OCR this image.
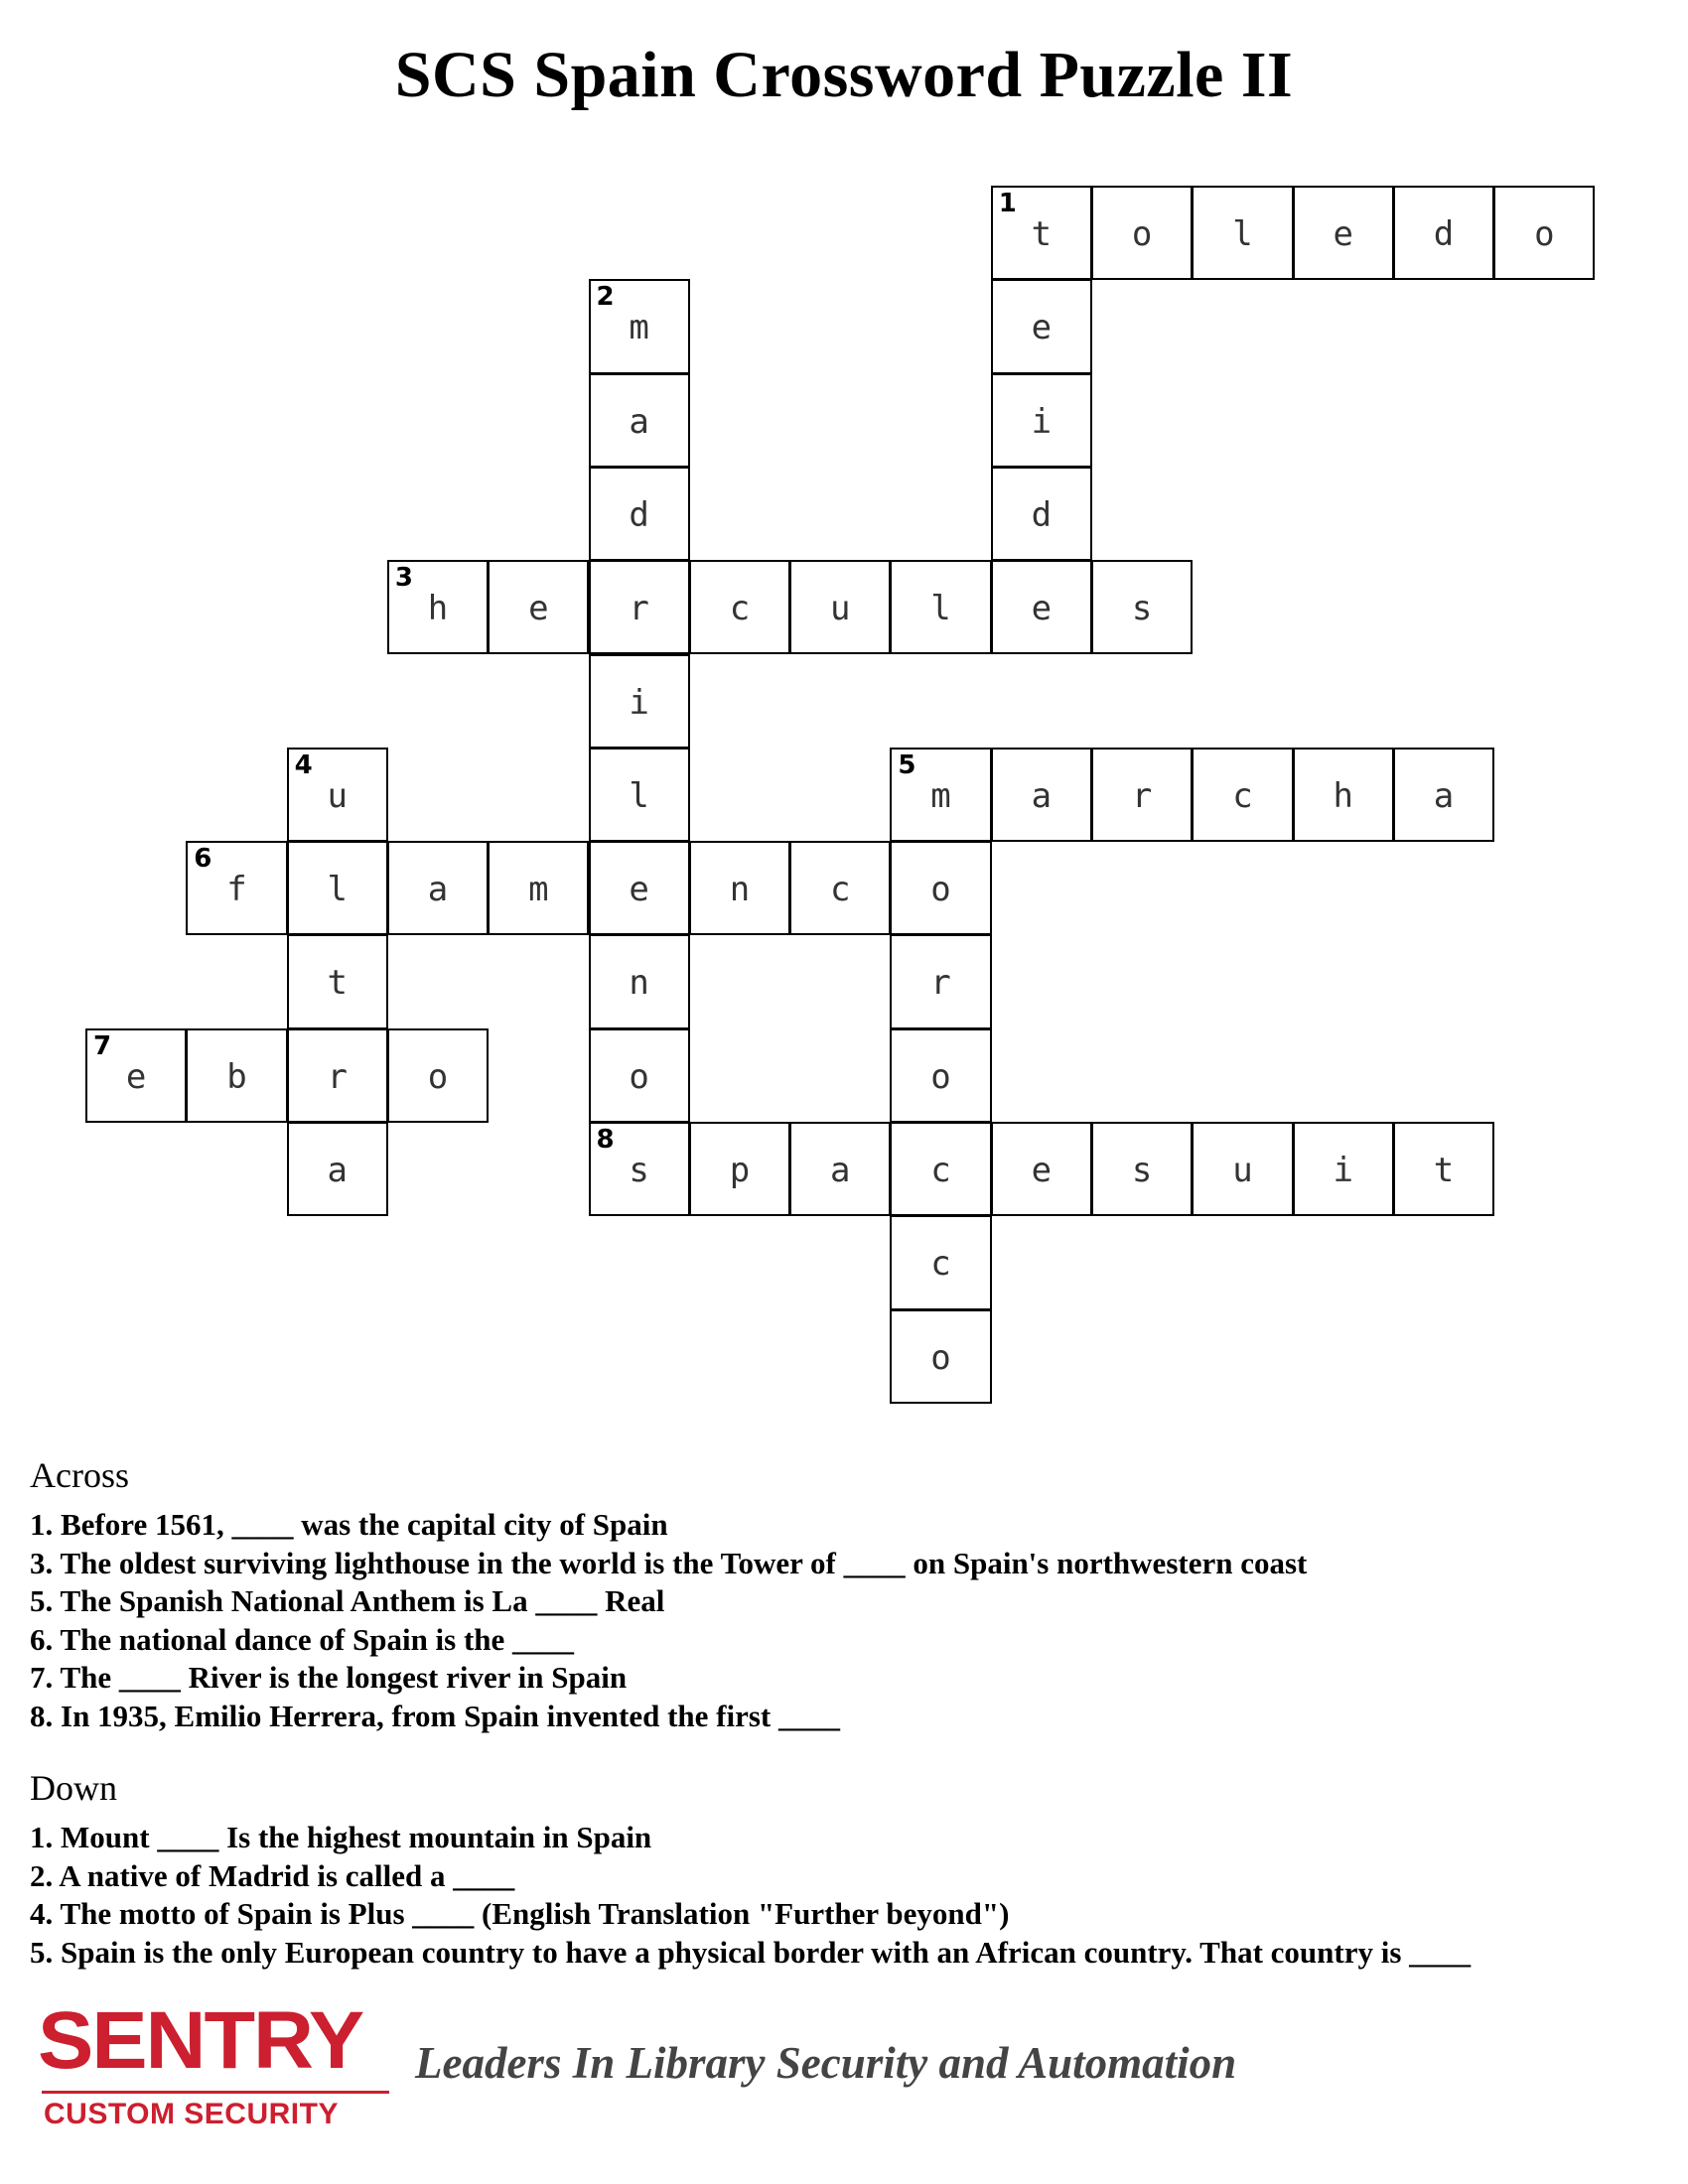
SCS Spain Crossword Puzzle II
1
t	o	l	e	d	o
2
m	e
a	i
d	d
3
h	e	r	c	u	l	e	s
i
4
u	l
5
m	a	r	c	h	a
6
f	l	a	m	e	n	c	o
t	n	r
7
e	b	r	o	o	o
a
8
s	p	a	c	e	s	u	i	t
c
o
Across
1. Before 1561, ____ was the capital city of Spain
3. The oldest surviving lighthouse in the world is the Tower of ____ on Spain's northwestern coast
5. The Spanish National Anthem is La ____ Real
6. The national dance of Spain is the ____
7. The ____ River is the longest river in Spain
8. In 1935, Emilio Herrera, from Spain invented the first ____
Down
1. Mount ____ Is the highest mountain in Spain
2. A native of Madrid is called a ____
4. The motto of Spain is Plus ____ (English Translation "Further beyond")
5. Spain is the only European country to have a physical border with an African country. That country is ____
SENTRY
CUSTOM SECURITY
Leaders In Library Security and Automation
